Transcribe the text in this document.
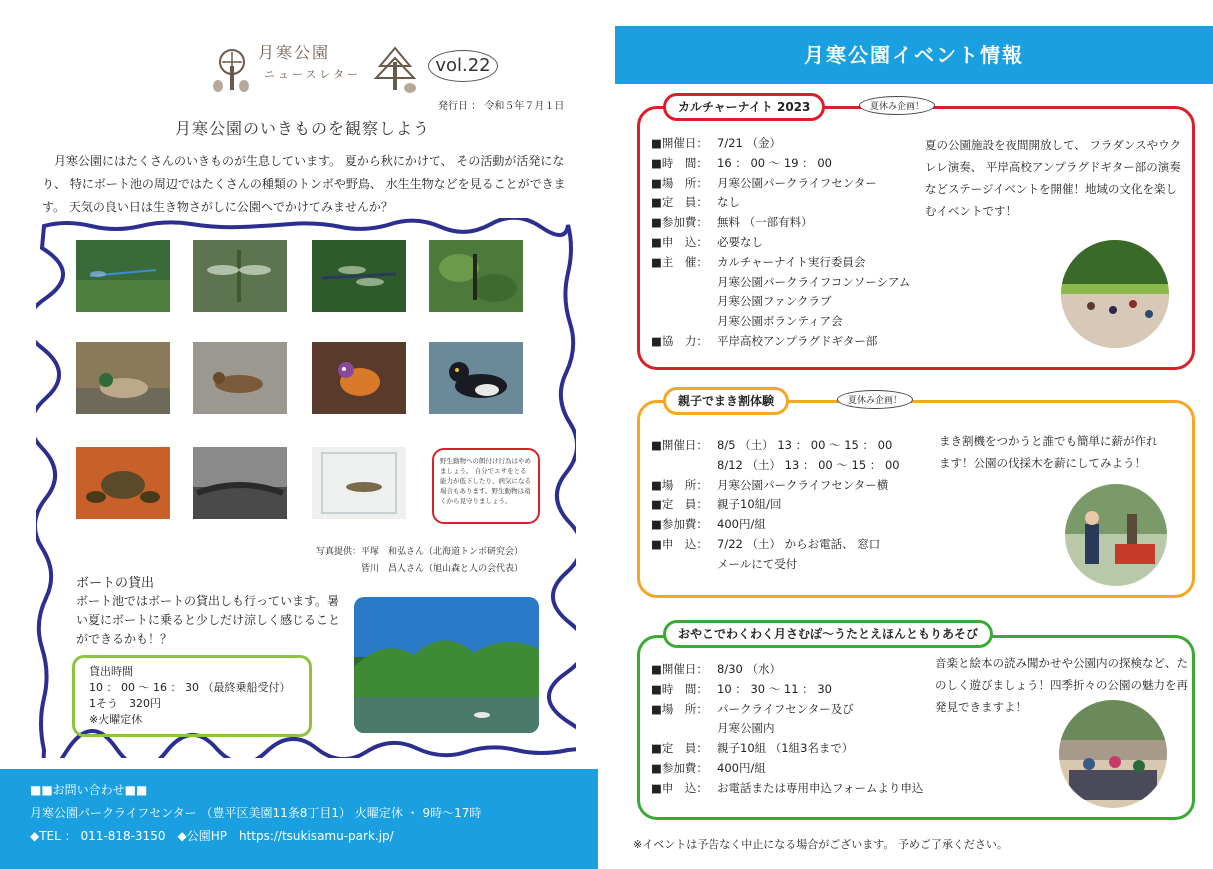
月寒公園
ニュースレター	vol.22
発行日 ： 令和５年７月１日
月寒公園のいきものを観察しよう

月寒公園にはたくさんのいきものが生息しています。 夏から秋にかけて、 その活動が活発になり、 特にボート池の周辺ではたくさんの種類のトンボや野鳥、 水生生物などを見ることができます。 天気の良い日は生き物さがしに公園へでかけてみませんか？

野生動物への餌付け行為はやめましょう。 自分でエサをとる能力が低下したり、病気になる場合もあります。野生動物は遠くから見守りましょう。
写真提供：平塚　和弘さん（北海道トンボ研究会）
皆川　昌人さん（旭山森と人の会代表）
ボートの貸出

ボート池ではボートの貸出しも行っています。暑い夏にボートに乗ると少しだけ涼しく感じることができるかも！？

貸出時間
10 ： 00 ～ 16 ： 30 （最終乗船受付）
1そう　320円
※火曜定休
■■お問い合わせ■■
月寒公園パークライフセンター （豊平区美園11条8丁目1） 火曜定休 ・ 9時～17時
◆TEL ： 011-818-3150　◆公園HP　https://tsukisamu-park.jp/
月寒公園イベント情報
カルチャーナイト 2023	夏休み企画！
■開催日： 7/21 （金）
■時　間： 16 ： 00 ～ 19 ： 00
■場　所： 月寒公園パークライフセンター
■定　員： なし
■参加費： 無料 （一部有料）
■申　込： 必要なし
■主　催： カルチャーナイト実行委員会
月寒公園パークライフコンソーシアム
月寒公園ファンクラブ
月寒公園ボランティア会
■協　力： 平岸高校アンプラグドギター部

夏の公園施設を夜間開放して、 フラダンスやウクレレ演奏、 平岸高校アンプラグドギター部の演奏などステージイベントを開催！地域の文化を楽しむイベントです！

親子でまき割体験	夏休み企画！
■開催日： 8/5 （土） 13 ： 00 ～ 15 ： 00
8/12 （土） 13 ： 00 ～ 15 ： 00
■場　所： 月寒公園パークライフセンター横
■定　員： 親子10組/回
■参加費： 400円/組
■申　込： 7/22 （土） からお電話、 窓口
メールにて受付

まき割機をつかうと誰でも簡単に薪が作れます！公園の伐採木を薪にしてみよう！

おやこでわくわく月さむぽ～うたとえほんともりあそび
■開催日： 8/30 （水）
■時　間： 10 ： 30 ～ 11 ： 30
■場　所： パークライフセンター及び
月寒公園内
■定　員： 親子10組 （1組3名まで）
■参加費： 400円/組
■申　込： お電話または専用申込フォームより申込

音楽と絵本の読み聞かせや公園内の探検など、たのしく遊びましょう！四季折々の公園の魅力を再発見できますよ！

※イベントは予告なく中止になる場合がございます。 予めご了承ください。
